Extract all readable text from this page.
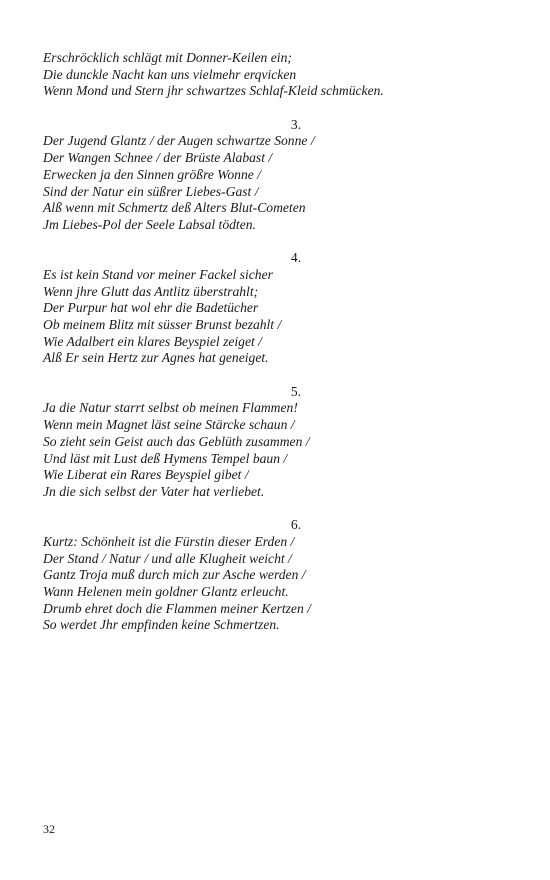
Erschröcklich schlägt mit Donner-Keilen ein;
Die dunckle Nacht kan uns vielmehr erqvicken
Wenn Mond und Stern jhr schwartzes Schlaf-Kleid schmücken.
3.
Der Jugend Glantz / der Augen schwartze Sonne /
Der Wangen Schnee / der Brüste Alabast /
Erwecken ja den Sinnen größre Wonne /
Sind der Natur ein süßrer Liebes-Gast /
Alß wenn mit Schmertz deß Alters Blut-Cometen
Jm Liebes-Pol der Seele Labsal tödten.
4.
Es ist kein Stand vor meiner Fackel sicher
Wenn jhre Glutt das Antlitz überstrahlt;
Der Purpur hat wol ehr die Badetücher
Ob meinem Blitz mit süsser Brunst bezahlt /
Wie Adalbert ein klares Beyspiel zeiget /
Alß Er sein Hertz zur Agnes hat geneiget.
5.
Ja die Natur starrt selbst ob meinen Flammen!
Wenn mein Magnet läst seine Stärcke schaun /
So zieht sein Geist auch das Geblüth zusammen /
Und läst mit Lust deß Hymens Tempel baun /
Wie Liberat ein Rares Beyspiel gibet /
Jn die sich selbst der Vater hat verliebet.
6.
Kurtz: Schönheit ist die Fürstin dieser Erden /
Der Stand / Natur / und alle Klugheit weicht /
Gantz Troja muß durch mich zur Asche werden /
Wann Helenen mein goldner Glantz erleucht.
Drumb ehret doch die Flammen meiner Kertzen /
So werdet Jhr empfinden keine Schmertzen.
32
